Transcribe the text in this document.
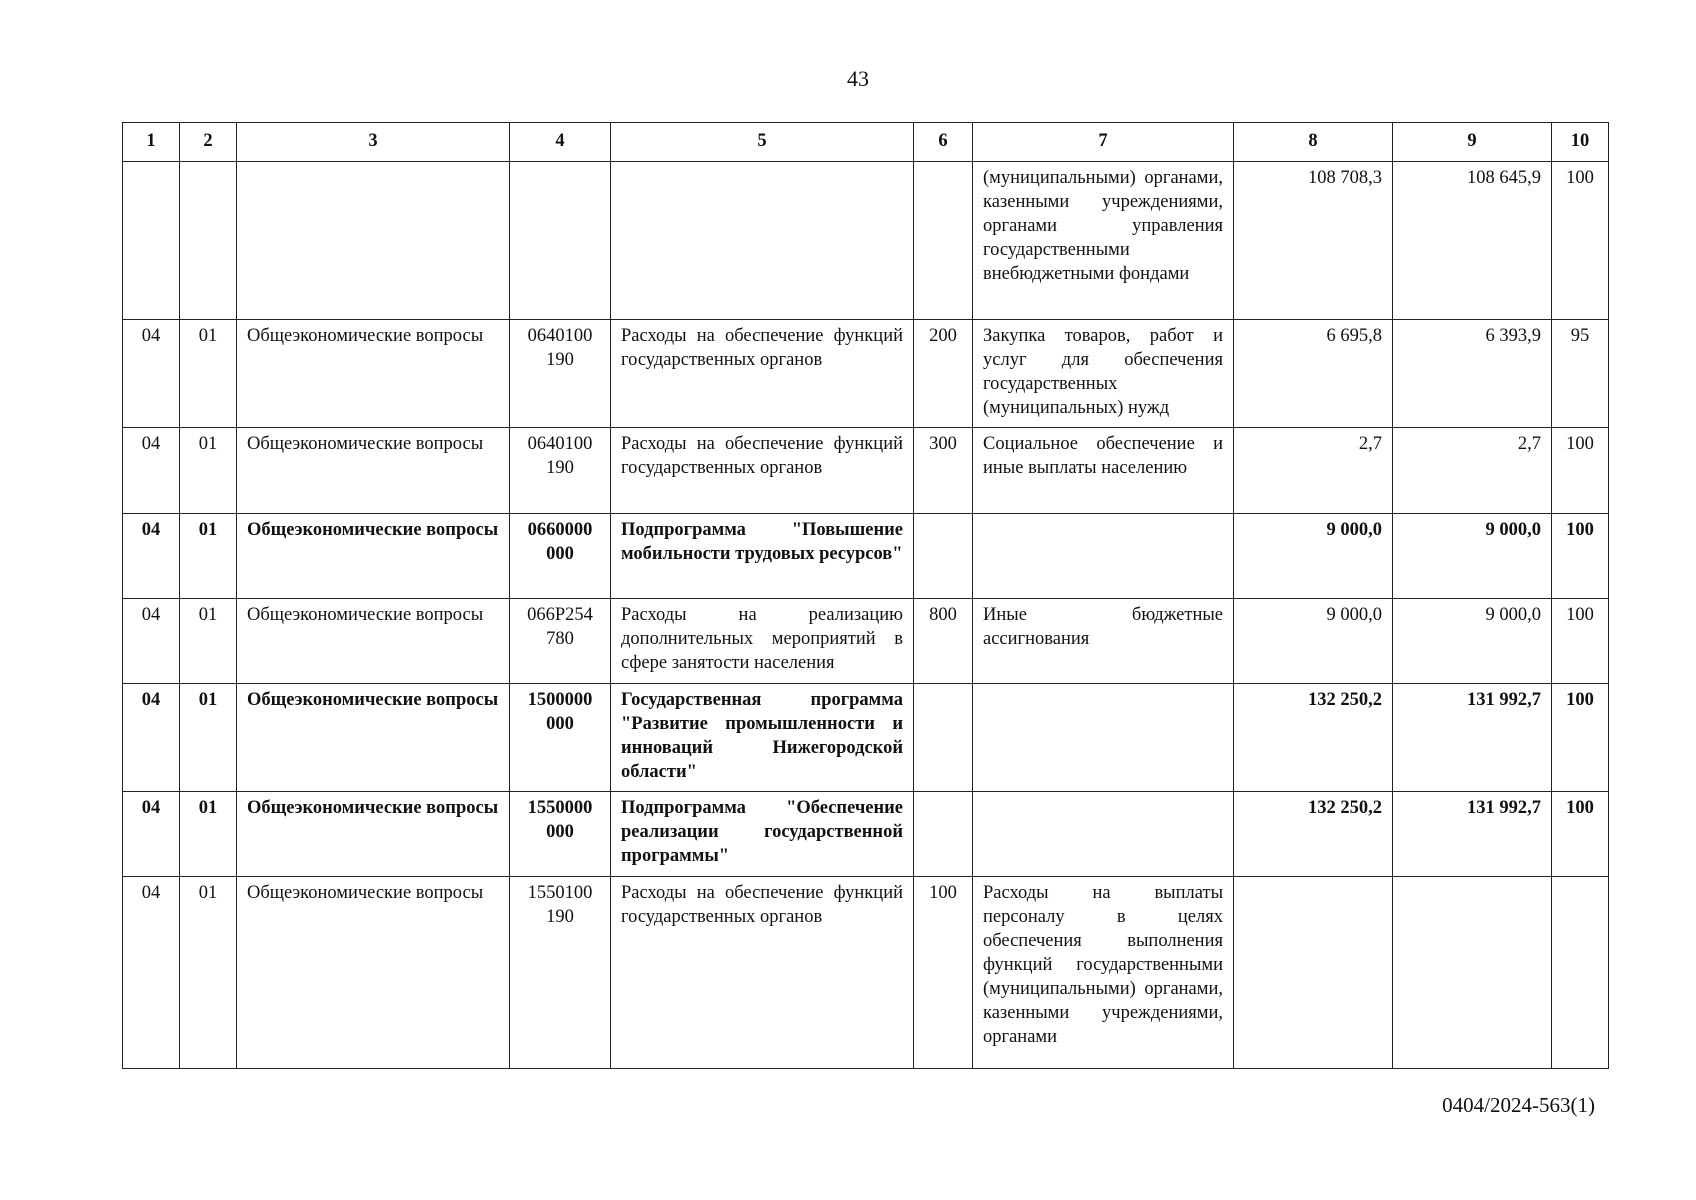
43
1	2	3	4	5	6	7	8	9	10
						(муниципальными) органами, казенными учреждениями, органами управления государственными внебюджетными фондами	108 708,3	108 645,9	100
04	01	Общеэкономические вопросы	0640100 190	Расходы на обеспечение функций государственных органов	200	Закупка товаров, работ и услуг для обеспечения государственных (муниципальных) нужд	6 695,8	6 393,9	95
04	01	Общеэкономические вопросы	0640100 190	Расходы на обеспечение функций государственных органов	300	Социальное обеспечение и иные выплаты населению	2,7	2,7	100
04	01	Общеэкономические вопросы	0660000 000	Подпрограмма "Повышение мобильности трудовых ресурсов"			9 000,0	9 000,0	100
04	01	Общеэкономические вопросы	066P254 780	Расходы на реализацию дополнительных мероприятий в сфере занятости населения	800	Иные бюджетные ассигнования	9 000,0	9 000,0	100
04	01	Общеэкономические вопросы	1500000 000	Государственная программа "Развитие промышленности и инноваций Нижегородской области"			132 250,2	131 992,7	100
04	01	Общеэкономические вопросы	1550000 000	Подпрограмма "Обеспечение реализации государственной программы"			132 250,2	131 992,7	100
04	01	Общеэкономические вопросы	1550100 190	Расходы на обеспечение функций государственных органов	100	Расходы на выплаты персоналу в целях обеспечения выполнения функций государственными (муниципальными) органами, казенными учреждениями, органами			
0404/2024-563(1)
